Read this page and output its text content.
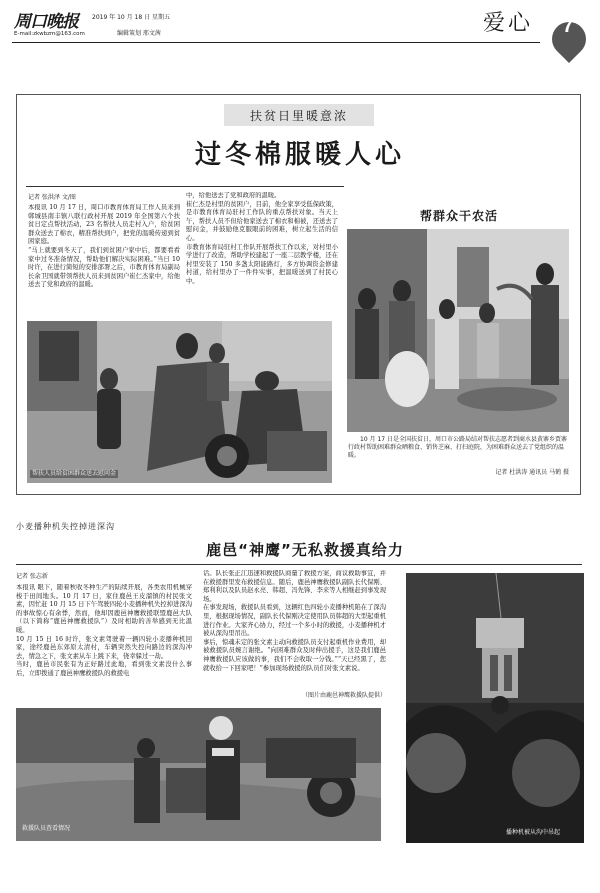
周口晚报 2019 年 10 月 18 日 星期五
E-mail:zkwbzm@163.com	编辑策划 邢文茜	爱心	7
扶贫日里暖意浓
过冬棉服暖人心
记者 张洪泽 文/图
本报讯 10 月 17 日，周口市教育体育局工作人员来到郸城县南丰镇八联行政村开展 2019 年全国第六个扶贫日定点帮扶活动，23 名帮扶人员走村入户，给贫困群众送去了棉衣，精准帮扶到户，把党的温暖传递到贫困家庭。
“马上就要到冬天了，我们到贫困户家中后，都要看看家中过冬准备情况，帮助他们解决实际困难。”当日 10 时许，在进行简短的安排部署之后，市教育体育局副局长余卫国就带领帮扶人员来到贫困户崔仁杰家中，给他送去了党和政府的温暖。
中，给他送去了党和政府的温暖。
崔仁杰是村里的贫困户，目前，他全家享受低保政策，是市教育体育局驻村工作队的重点帮扶对象。当天上午，帮扶人员不但给他家送去了棉衣和棉被，还送去了慰问金，并鼓励他克服眼前的困难，树立起生活的信心。
市教育体育局驻村工作队开展帮扶工作以来，对村里小学进行了改造，帮助学校建起了一座二层教学楼，还在村里安装了 150 多盏太阳能路灯，多方协调资金修建村道，给村里办了一件件实事，把温暖送到了村民心中。
帮扶人员给贫困群众送去慰问金
帮群众干农活
10 月 17 日是全国扶贫日，周口市公路局结对帮扶志愿者到商水县黄寨乡贾寨行政村帮助困难群众晒粮食、销售芝麻、打扫庭院，为困难群众送去了党组织的温暖。
记者 杜洪涛 通讯员 马鹤 摄
小麦播种机失控掉进深沟
鹿邑“神鹰”无私救援真给力
记者 张志新
本报讯 眼下，随着秋收冬种生产的陆续开展，各类农用机械穿梭于田间地头。10 月 17 日，家住鹿邑王皮溜镇的村民张文素，因忙赶 10 月 15 日下午驾驶四轮小麦播种机失控掉进深沟的事故惊心有余悸，然而，他却因鹿邑神鹰救援联盟鹿邑大队（以下简称“鹿邑神鹰救援队”）及时相助的善举感到无比温暖。
10 月 15 日 16 时许，张文素驾驶着一辆四轮小麦播种机回家，途经鹿邑东郊原太清村，车辆突然失控向路边的深沟冲去，情急之下，张文素从车上跳下来，侥幸躲过一劫。
当时，鹿邑市民张有为正好路过此地，看到张文素没什么事后，立即拨通了鹿邑神鹰救援队的救援电
话。队长张正江迅速和救援队商量了救援方案，商议救助事宜，并在救援群里发布救援信息。随后，鹿邑神鹰救援队副队长代保刚、郑利利以及队员赵永亮、韩超、冯先锋、李来等人相继赶到事发现场。
在事发现场，救援队员看到，这辆红色四轮小麦播种机陷在了深沟里，根据现场情况，副队长代保刚决定使用队员韩超的大型起重机进行作业。大家齐心协力，经过一个多小时的救援，小麦播种机才被从深沟里吊出。
事后，惊魂未定的张文素主动向救援队员支付起重机作业费用，却被救援队员婉言谢绝。“向困难群众及时伸出援手，这是我们鹿邑神鹰救援队应该做的事，我们不会收取一分钱。”“天已经黑了，您就收拾一下回家吧！”参加现场救援的队员们对张文素说。
（图片由鹿邑神鹰救援队提供）
救援队员查看情况
播种机被从沟中吊起
